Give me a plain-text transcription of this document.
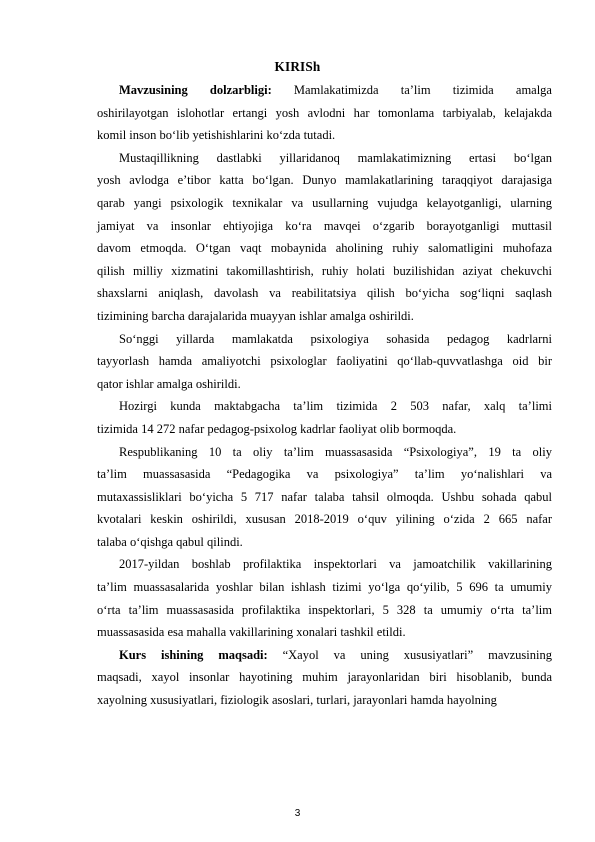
KIRISh
Mavzusining dolzarbligi: Mamlakatimizda ta’lim tizimida amalga
oshirilayotgan islohotlar ertangi yosh avlodni har tomonlama tarbiyalab, kelajakda
komil inson bo‘lib yetishishlarini ko‘zda tutadi.
Mustaqillikning dastlabki yillaridanoq mamlakatimizning ertasi bo‘lgan
yosh avlodga e’tibor katta bo‘lgan. Dunyo mamlakatlarining taraqqiyot darajasiga
qarab yangi psixologik texnikalar va usullarning vujudga kelayotganligi, ularning
jamiyat va insonlar ehtiyojiga ko‘ra mavqei o‘zgarib borayotganligi muttasil
davom etmoqda. O‘tgan vaqt mobaynida aholining ruhiy salomatligini muhofaza
qilish milliy xizmatini takomillashtirish, ruhiy holati buzilishidan aziyat chekuvchi
shaxslarni aniqlash, davolash va reabilitatsiya qilish bo‘yicha sog‘liqni saqlash
tizimining barcha darajalarida muayyan ishlar amalga oshirildi.
So‘nggi yillarda mamlakatda psixologiya sohasida pedagog kadrlarni
tayyorlash hamda amaliyotchi psixologlar faoliyatini qo‘llab-quvvatlashga oid bir
qator ishlar amalga oshirildi.
Hozirgi kunda maktabgacha ta’lim tizimida 2 503 nafar, xalq ta’limi
tizimida 14 272 nafar pedagog-psixolog kadrlar faoliyat olib bormoqda.
Respublikaning 10 ta oliy ta’lim muassasasida “Psixologiya”, 19 ta oliy
ta’lim muassasasida “Pedagogika va psixologiya” ta’lim yo‘nalishlari va
mutaxassisliklari bo‘yicha 5 717 nafar talaba tahsil olmoqda. Ushbu sohada qabul
kvotalari keskin oshirildi, xususan 2018-2019 o‘quv yilining o‘zida 2 665 nafar
talaba o‘qishga qabul qilindi.
2017-yildan boshlab profilaktika inspektorlari va jamoatchilik vakillarining
ta’lim muassasalarida yoshlar bilan ishlash tizimi yo‘lga qo‘yilib, 5 696 ta umumiy
o‘rta ta’lim muassasasida profilaktika inspektorlari, 5 328 ta umumiy o‘rta ta’lim
muassasasida esa mahalla vakillarining xonalari tashkil etildi.
Kurs ishining maqsadi: “Xayol va uning xususiyatlari” mavzusining
maqsadi, xayol insonlar hayotining muhim jarayonlaridan biri hisoblanib, bunda
xayolning xususiyatlari, fiziologik asoslari, turlari, jarayonlari hamda hayolning
3
